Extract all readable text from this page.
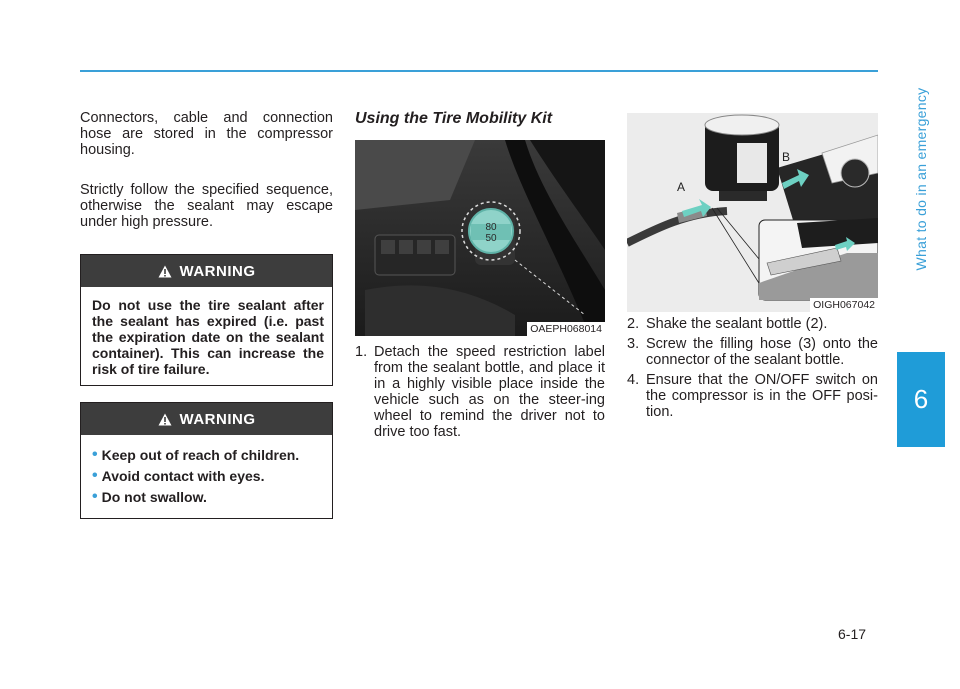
What to do in an emergency
6

Connectors, cable and connection hose are stored in the compressor housing.

Strictly follow the specified sequence, otherwise the sealant may escape under high pressure.

WARNING
Do not use the tire sealant after the sealant has expired (i.e. past the expiration date on the sealant container). This can increase the risk of tire failure.
WARNING
• Keep out of reach of children.
• Avoid contact with eyes.
• Do not swallow.
Using the Tire Mobility Kit
80
50
OAEPH068014
1. Detach the speed restriction label from the sealant bottle, and place it in a highly visible place inside the vehicle such as on the steer-ing wheel to remind the driver not to drive too fast.
A
B
OIGH067042
2. Shake the sealant bottle (2).
3. Screw the filling hose (3) onto the connector of the sealant bottle.
4. Ensure that the ON/OFF switch on the compressor is in the OFF posi-tion.
6-17
